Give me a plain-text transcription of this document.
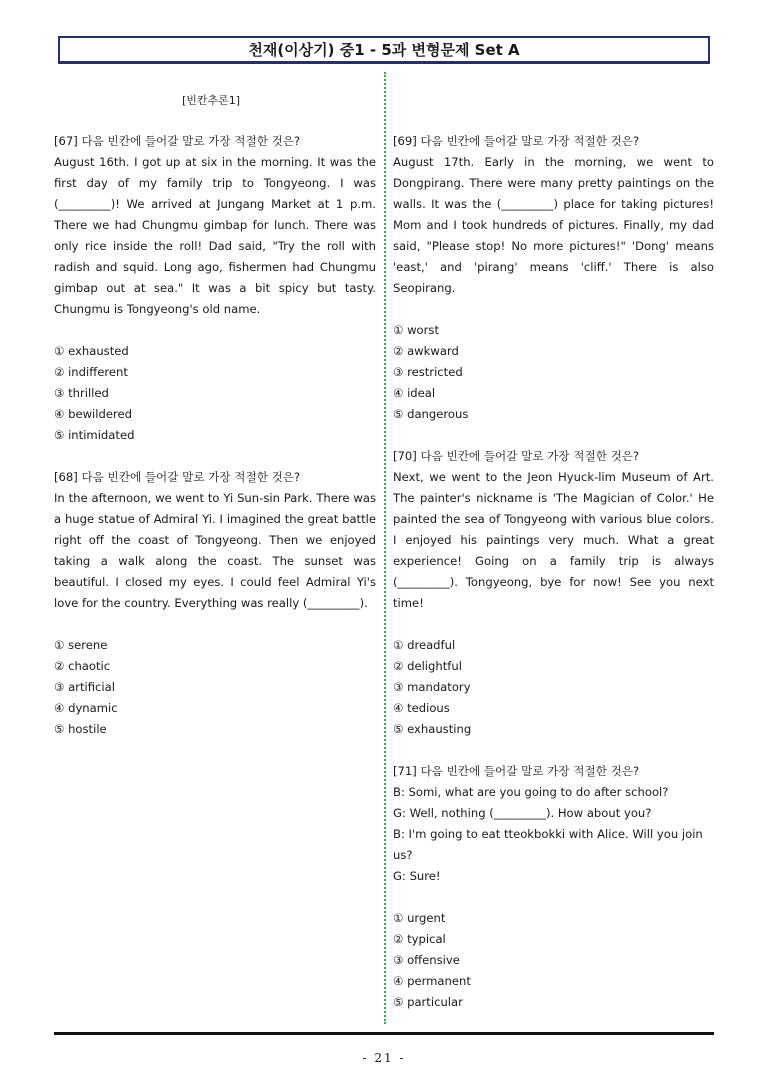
천재(이상기) 중1 - 5과 변형문제 Set A
[빈칸추론1]
[67] 다음 빈칸에 들어갈 말로 가장 적절한 것은?

August 16th. I got up at six in the morning. It was the first day of my family trip to Tongyeong. I was (_________)! We arrived at Jungang Market at 1 p.m. There we had Chungmu gimbap for lunch. There was only rice inside the roll! Dad said, "Try the roll with radish and squid. Long ago, fishermen had Chungmu gimbap out at sea." It was a bit spicy but tasty. Chungmu is Tongyeong's old name.

① exhausted
② indifferent
③ thrilled
④ bewildered
⑤ intimidated
[68] 다음 빈칸에 들어갈 말로 가장 적절한 것은?

In the afternoon, we went to Yi Sun-sin Park. There was a huge statue of Admiral Yi. I imagined the great battle right off the coast of Tongyeong. Then we enjoyed taking a walk along the coast. The sunset was beautiful. I closed my eyes. I could feel Admiral Yi's love for the country. Everything was really (_________).

① serene
② chaotic
③ artificial
④ dynamic
⑤ hostile
[69] 다음 빈칸에 들어갈 말로 가장 적절한 것은?

August 17th. Early in the morning, we went to Dongpirang. There were many pretty paintings on the walls. It was the (_________) place for taking pictures! Mom and I took hundreds of pictures. Finally, my dad said, "Please stop! No more pictures!" 'Dong' means 'east,' and 'pirang' means 'cliff.' There is also Seopirang.

① worst
② awkward
③ restricted
④ ideal
⑤ dangerous
[70] 다음 빈칸에 들어갈 말로 가장 적절한 것은?

Next, we went to the Jeon Hyuck-lim Museum of Art. The painter's nickname is 'The Magician of Color.' He painted the sea of Tongyeong with various blue colors. I enjoyed his paintings very much. What a great experience! Going on a family trip is always (_________). Tongyeong, bye for now! See you next time!

① dreadful
② delightful
③ mandatory
④ tedious
⑤ exhausting
[71] 다음 빈칸에 들어갈 말로 가장 적절한 것은?
B: Somi, what are you going to do after school?
G: Well, nothing (_________). How about you?
B: I'm going to eat tteokbokki with Alice. Will you join us?
G: Sure!
① urgent
② typical
③ offensive
④ permanent
⑤ particular
- 21 -
